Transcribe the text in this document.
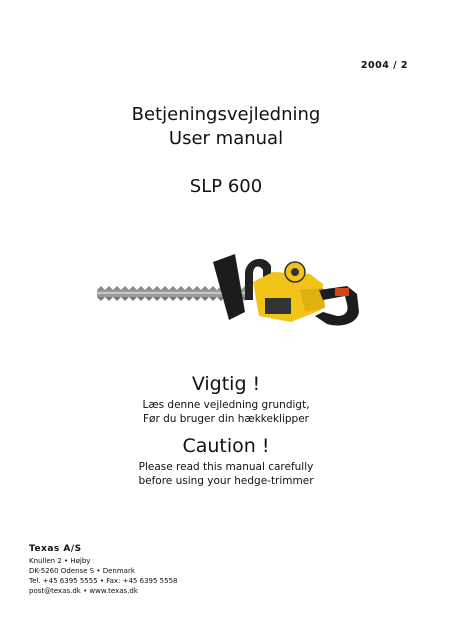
2004 / 2
Betjeningsvejledning
User manual
SLP 600
Vigtig !
Læs denne vejledning grundigt,
Før du bruger din hækkeklipper
Caution !
Please read this manual carefully
before using your hedge-trimmer
Texas A/S
Knullen 2 • Højby
DK-5260 Odense S • Denmark
Tel. +45 6395 5555 • Fax: +45 6395 5558
post@texas.dk • www.texas.dk
